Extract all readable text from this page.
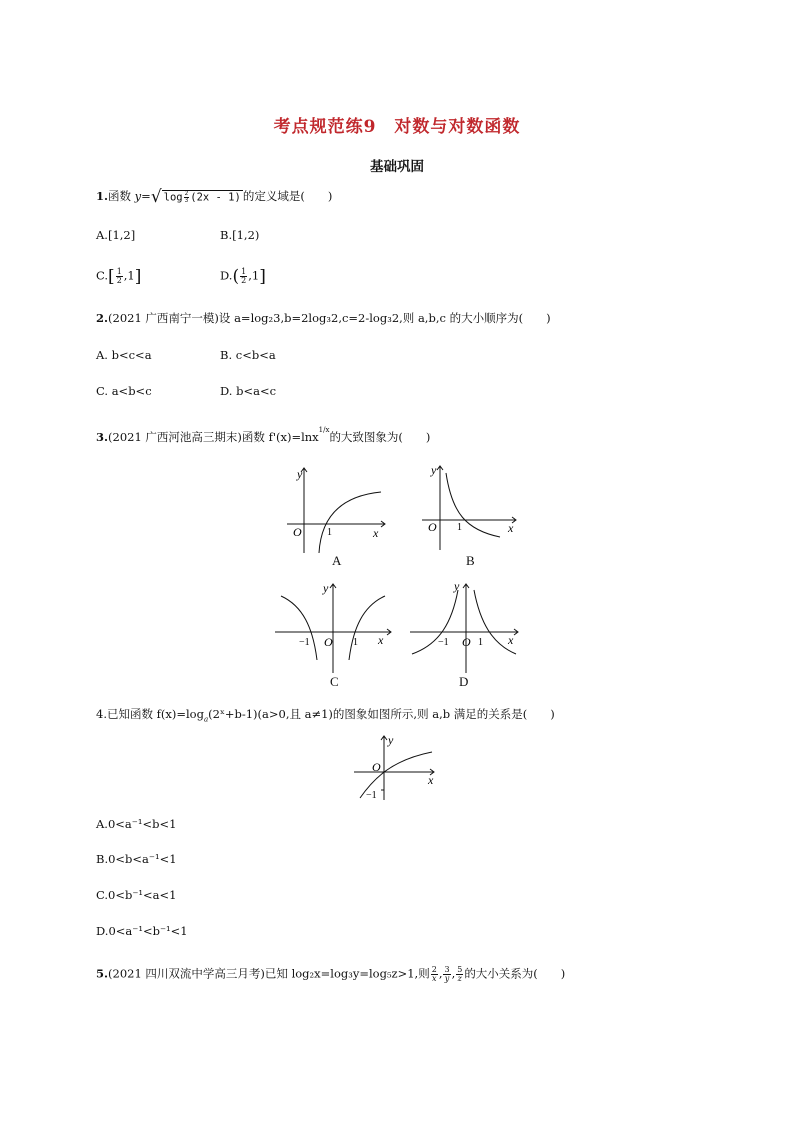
考点规范练9　对数与对数函数
基础巩固
1.函数 y=√ $\log \frac{2}{3} (2x - 1)$ 的定义域是(　　)
A.[1,2]	B.[1,2)
$C.[ \frac{1}{2} ,1]$	$D.( \frac{1}{2} ,1]$
2.(2021 广西南宁一模)设 a=log₂3,b=2log₃2,c=2-log₃2,则 a,b,c 的大小顺序为(　　)
A. b<c<a	B. c<b<a
C. a<b<c	D. b<a<c
3.(2021 广西河池高三期末)函数 f'(x)=lnx$^{1/x}$的大致图象为(　　)
y
O	1	x
A
y
O 1	x
B
y
O
−1	1 x
C
y
O
−1	1 x
D
4.已知函数 $f(x)=\log_a(2ˣ+b-1)(a>0$,且 a≠1)的图象如图所示,则 a,b 满足的关系是(　　)
y
O
−1
x
A.0<a⁻¹<b<1
B.0<b<a⁻¹<1
C.0<b⁻¹<a<1
D.0<a⁻¹<b⁻¹<1
5.(2021 四川双流中学高三月考)已知 log₂x=log₃y=log₅z>1,则 $\frac{2}{x}$ , $\frac{3}{y}$ , $\frac{5}{z}$ 的大小关系为(　　)
